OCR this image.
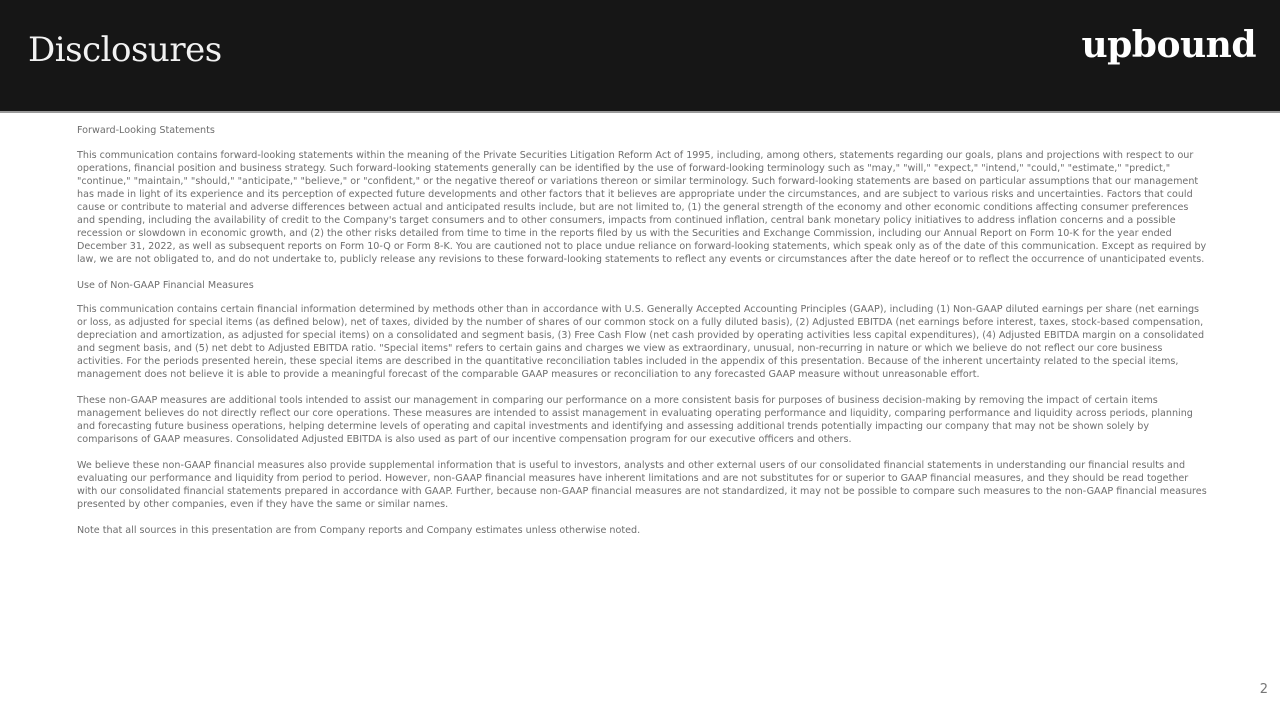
Disclosures	upbound
Forward-Looking Statements

This communication contains forward-looking statements within the meaning of the Private Securities Litigation Reform Act of 1995, including, among others, statements regarding our goals, plans and projections with respect to our operations, financial position and business strategy. Such forward-looking statements generally can be identified by the use of forward-looking terminology such as "may," "will," "expect," "intend," "could," "estimate," "predict," "continue," "maintain," "should," "anticipate," "believe," or "confident," or the negative thereof or variations thereon or similar terminology. Such forward-looking statements are based on particular assumptions that our management has made in light of its experience and its perception of expected future developments and other factors that it believes are appropriate under the circumstances, and are subject to various risks and uncertainties. Factors that could cause or contribute to material and adverse differences between actual and anticipated results include, but are not limited to, (1) the general strength of the economy and other economic conditions affecting consumer preferences and spending, including the availability of credit to the Company's target consumers and to other consumers, impacts from continued inflation, central bank monetary policy initiatives to address inflation concerns and a possible recession or slowdown in economic growth, and (2) the other risks detailed from time to time in the reports filed by us with the Securities and Exchange Commission, including our Annual Report on Form 10-K for the year ended December 31, 2022, as well as subsequent reports on Form 10-Q or Form 8-K. You are cautioned not to place undue reliance on forward-looking statements, which speak only as of the date of this communication. Except as required by law, we are not obligated to, and do not undertake to, publicly release any revisions to these forward-looking statements to reflect any events or circumstances after the date hereof or to reflect the occurrence of unanticipated events.

Use of Non-GAAP Financial Measures

This communication contains certain financial information determined by methods other than in accordance with U.S. Generally Accepted Accounting Principles (GAAP), including (1) Non-GAAP diluted earnings per share (net earnings or loss, as adjusted for special items (as defined below), net of taxes, divided by the number of shares of our common stock on a fully diluted basis), (2) Adjusted EBITDA (net earnings before interest, taxes, stock-based compensation, depreciation and amortization, as adjusted for special items) on a consolidated and segment basis, (3) Free Cash Flow (net cash provided by operating activities less capital expenditures), (4) Adjusted EBITDA margin on a consolidated and segment basis, and (5) net debt to Adjusted EBITDA ratio. "Special items" refers to certain gains and charges we view as extraordinary, unusual, non-recurring in nature or which we believe do not reflect our core business activities. For the periods presented herein, these special items are described in the quantitative reconciliation tables included in the appendix of this presentation. Because of the inherent uncertainty related to the special items, management does not believe it is able to provide a meaningful forecast of the comparable GAAP measures or reconciliation to any forecasted GAAP measure without unreasonable effort.

These non-GAAP measures are additional tools intended to assist our management in comparing our performance on a more consistent basis for purposes of business decision-making by removing the impact of certain items management believes do not directly reflect our core operations. These measures are intended to assist management in evaluating operating performance and liquidity, comparing performance and liquidity across periods, planning and forecasting future business operations, helping determine levels of operating and capital investments and identifying and assessing additional trends potentially impacting our company that may not be shown solely by comparisons of GAAP measures. Consolidated Adjusted EBITDA is also used as part of our incentive compensation program for our executive officers and others.

We believe these non-GAAP financial measures also provide supplemental information that is useful to investors, analysts and other external users of our consolidated financial statements in understanding our financial results and evaluating our performance and liquidity from period to period. However, non-GAAP financial measures have inherent limitations and are not substitutes for or superior to GAAP financial measures, and they should be read together with our consolidated financial statements prepared in accordance with GAAP. Further, because non-GAAP financial measures are not standardized, it may not be possible to compare such measures to the non-GAAP financial measures presented by other companies, even if they have the same or similar names.

Note that all sources in this presentation are from Company reports and Company estimates unless otherwise noted.

2
